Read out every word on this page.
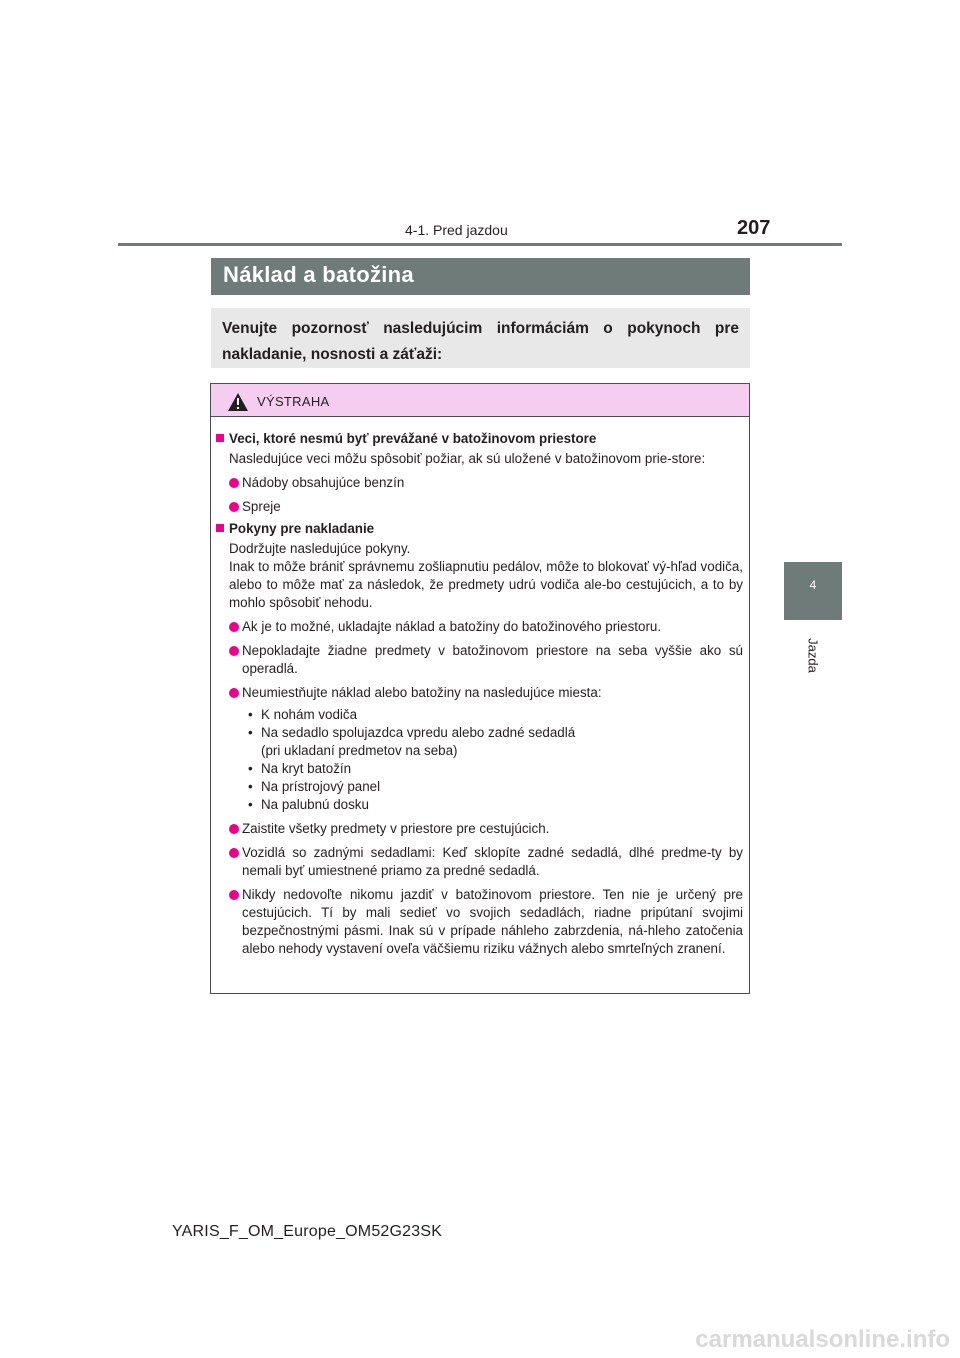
4-1. Pred jazdou	207
4
Jazda
Náklad a batožina

Venujte pozornosť nasledujúcim informáciám o pokynoch pre nakladanie, nosnosti a záťaži:

VÝSTRAHA
Veci, ktoré nesmú byť prevážané v batožinovom priestore

Nasledujúce veci môžu spôsobiť požiar, ak sú uložené v batožinovom prie-store:

Nádoby obsahujúce benzín
Spreje
Pokyny pre nakladanie

Dodržujte nasledujúce pokyny.

Inak to môže brániť správnemu zošliapnutiu pedálov, môže to blokovať vý-hľad vodiča, alebo to môže mať za následok, že predmety udrú vodiča ale-bo cestujúcich, a to by mohlo spôsobiť nehodu.

Ak je to možné, ukladajte náklad a batožiny do batožinového priestoru.
Nepokladajte žiadne predmety v batožinovom priestore na seba vyššie ako sú operadlá.
Neumiestňujte náklad alebo batožiny na nasledujúce miesta:
• K nohám vodiča
• Na sedadlo spolujazdca vpredu alebo zadné sedadlá
(pri ukladaní predmetov na seba)
• Na kryt batožín
• Na prístrojový panel
• Na palubnú dosku
Zaistite všetky predmety v priestore pre cestujúcich.
Vozidlá so zadnými sedadlami: Keď sklopíte zadné sedadlá, dlhé predme-ty by nemali byť umiestnené priamo za predné sedadlá.
Nikdy nedovoľte nikomu jazdiť v batožinovom priestore. Ten nie je určený pre cestujúcich. Tí by mali sedieť vo svojich sedadlách, riadne pripútaní svojimi bezpečnostnými pásmi. Inak sú v prípade náhleho zabrzdenia, ná-hleho zatočenia alebo nehody vystavení oveľa väčšiemu riziku vážnych alebo smrteľných zranení.
YARIS_F_OM_Europe_OM52G23SK
carmanualsonline.info
